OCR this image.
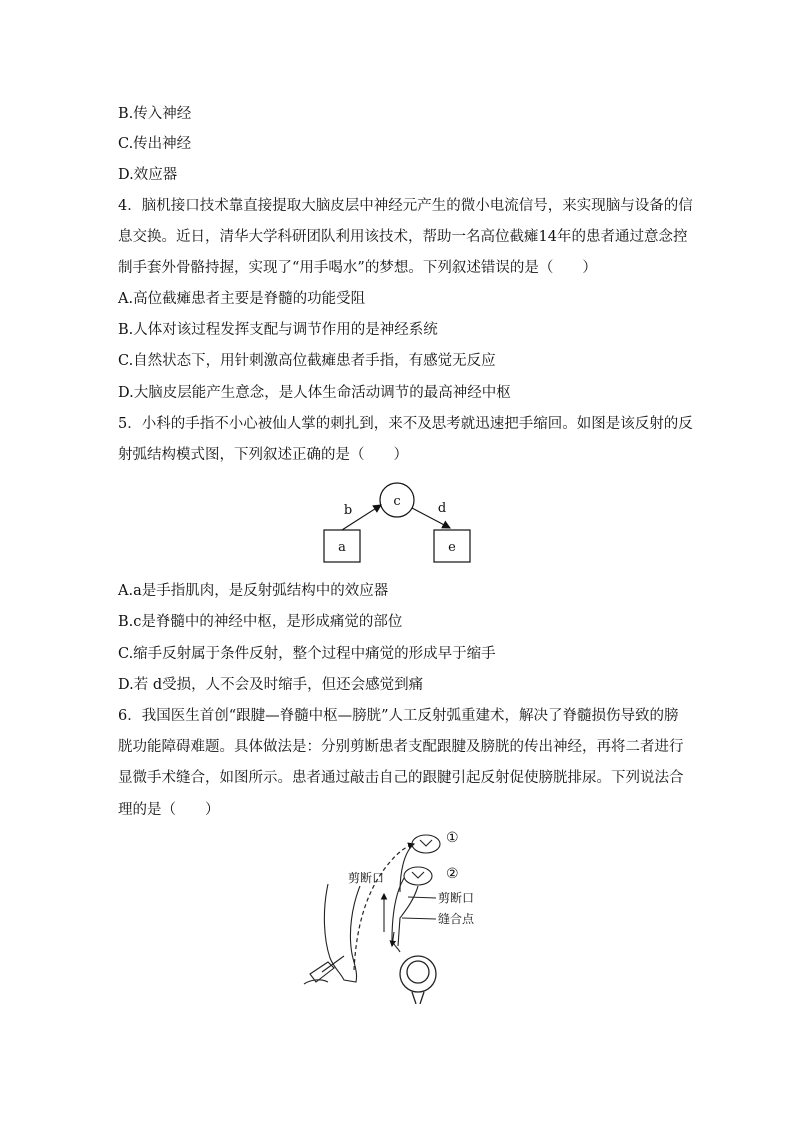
B.传入神经
C.传出神经
D.效应器
4．脑机接口技术靠直接提取大脑皮层中神经元产生的微小电流信号，来实现脑与设备的信
息交换。近日，清华大学科研团队利用该技术，帮助一名高位截瘫14年的患者通过意念控
制手套外骨骼持握，实现了“用手喝水”的梦想。下列叙述错误的是（　　）
A.高位截瘫患者主要是脊髓的功能受阻
B.人体对该过程发挥支配与调节作用的是神经系统
C.自然状态下，用针刺激高位截瘫患者手指，有感觉无反应
D.大脑皮层能产生意念，是人体生命活动调节的最高神经中枢
5．小科的手指不小心被仙人掌的刺扎到，来不及思考就迅速把手缩回。如图是该反射的反
射弧结构模式图，下列叙述正确的是（　　）
a	e
c
b	d
A.a是手指肌肉，是反射弧结构中的效应器
B.c是脊髓中的神经中枢，是形成痛觉的部位
C.缩手反射属于条件反射，整个过程中痛觉的形成早于缩手
D.若 d受损，人不会及时缩手，但还会感觉到痛
6．我国医生首创“跟腱—脊髓中枢—膀胱”人工反射弧重建术，解决了脊髓损伤导致的膀
胱功能障碍难题。具体做法是：分别剪断患者支配跟腱及膀胱的传出神经，再将二者进行
显微手术缝合，如图所示。患者通过敲击自己的跟腱引起反射促使膀胱排尿。下列说法合
理的是（　　）
①
②
剪断口
剪断口
缝合点
